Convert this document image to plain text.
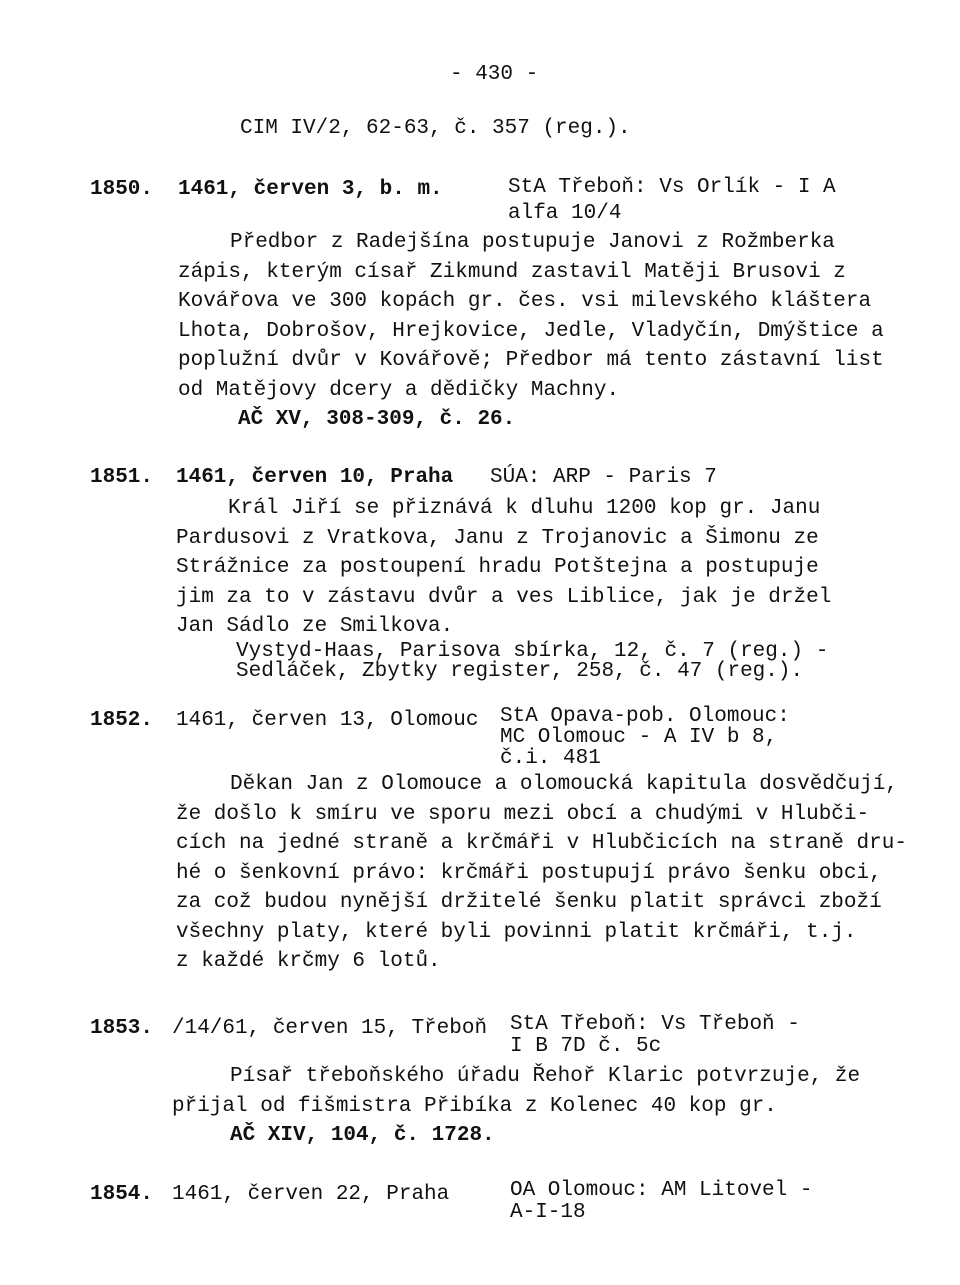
- 430 -
CIM IV/2, 62-63, č. 357 (reg.).
1850. 1461, červen 3, b. m.	StA Třeboň: Vs Orlík - I A
alfa 10/4
Předbor z Radejšína postupuje Janovi z Rožmberka
zápis, kterým císař Zikmund zastavil Matěji Brusovi z
Kovářova ve 300 kopách gr. čes. vsi milevského kláštera
Lhota, Dobrošov, Hrejkovice, Jedle, Vladyčín, Dmýštice a
poplužní dvůr v Kovářově; Předbor má tento zástavní list
od Matějovy dcery a dědičky Machny.
AČ XV, 308-309, č. 26.
1851. 1461, červen 10, Praha SÚA: ARP - Paris 7
Král Jiří se přiznává k dluhu 1200 kop gr. Janu
Pardusovi z Vratkova, Janu z Trojanovic a Šimonu ze
Strážnice za postoupení hradu Potštejna a postupuje
jim za to v zástavu dvůr a ves Liblice, jak je držel
Jan Sádlo ze Smilkova.
Vystyd-Haas, Parisova sbírka, 12, č. 7 (reg.) -
Sedláček, Zbytky register, 258, č. 47 (reg.).
1852. 1461, červen 13, Olomouc StA Opava-pob. Olomouc:
MC Olomouc - A IV b 8,
č.i. 481
Děkan Jan z Olomouce a olomoucká kapitula dosvědčují,
že došlo k smíru ve sporu mezi obcí a chudými v Hlubči-
cích na jedné straně a krčmáři v Hlubčicích na straně dru-
hé o šenkovní právo: krčmáři postupují právo šenku obci,
za což budou nynější držitelé šenku platit správci zboží
všechny platy, které byli povinni platit krčmáři, t.j.
z každé krčmy 6 lotů.
1853. /14/61, červen 15, Třeboň StA Třeboň: Vs Třeboň -
I B 7D č. 5c
Písař třeboňského úřadu Řehoř Klaric potvrzuje, že
přijal od fišmistra Přibíka z Kolenec 40 kop gr.
AČ XIV, 104, č. 1728.
1854. 1461, červen 22, Praha	OA Olomouc: AM Litovel -
A-I-18
